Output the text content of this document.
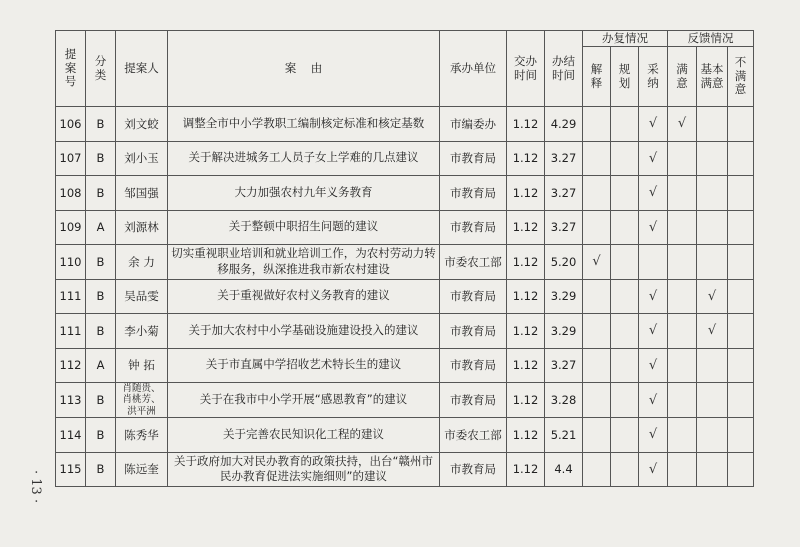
· 13 ·
提案号	分类	提案人	案    由	承办单位	交办时间	办结时间	办复情况			反馈情况		
							解释	规划	采纳	满意	基本满意	不满意
106	B	刘文蛟	调整全市中小学教职工编制核定标准和核定基数	市编委办	1.12	4.29			√	√		
107	B	刘小玉	关于解决进城务工人员子女上学难的几点建议	市教育局	1.12	3.27			√			
108	B	邹国强	大力加强农村九年义务教育	市教育局	1.12	3.27			√			
109	A	刘源林	关于整顿中职招生问题的建议	市教育局	1.12	3.27			√			
110	B	余 力	切实重视职业培训和就业培训工作，为农村劳动力转移服务，纵深推进我市新农村建设	市委农工部	1.12	5.20	√					
111	B	吴品雯	关于重视做好农村义务教育的建议	市教育局	1.12	3.29			√		√	
111	B	李小菊	关于加大农村中小学基础设施建设投入的建议	市教育局	1.12	3.29			√		√	
112	A	钟 拓	关于市直属中学招收艺术特长生的建议	市教育局	1.12	3.27			√			
113	B	肖随贵、肖桃芳、洪平洲	关于在我市中小学开展“感恩教育”的建议	市教育局	1.12	3.28			√			
114	B	陈秀华	关于完善农民知识化工程的建议	市委农工部	1.12	5.21			√			
115	B	陈远奎	关于政府加大对民办教育的政策扶持，出台“赣州市民办教育促进法实施细则”的建议	市教育局	1.12	4.4			√			
